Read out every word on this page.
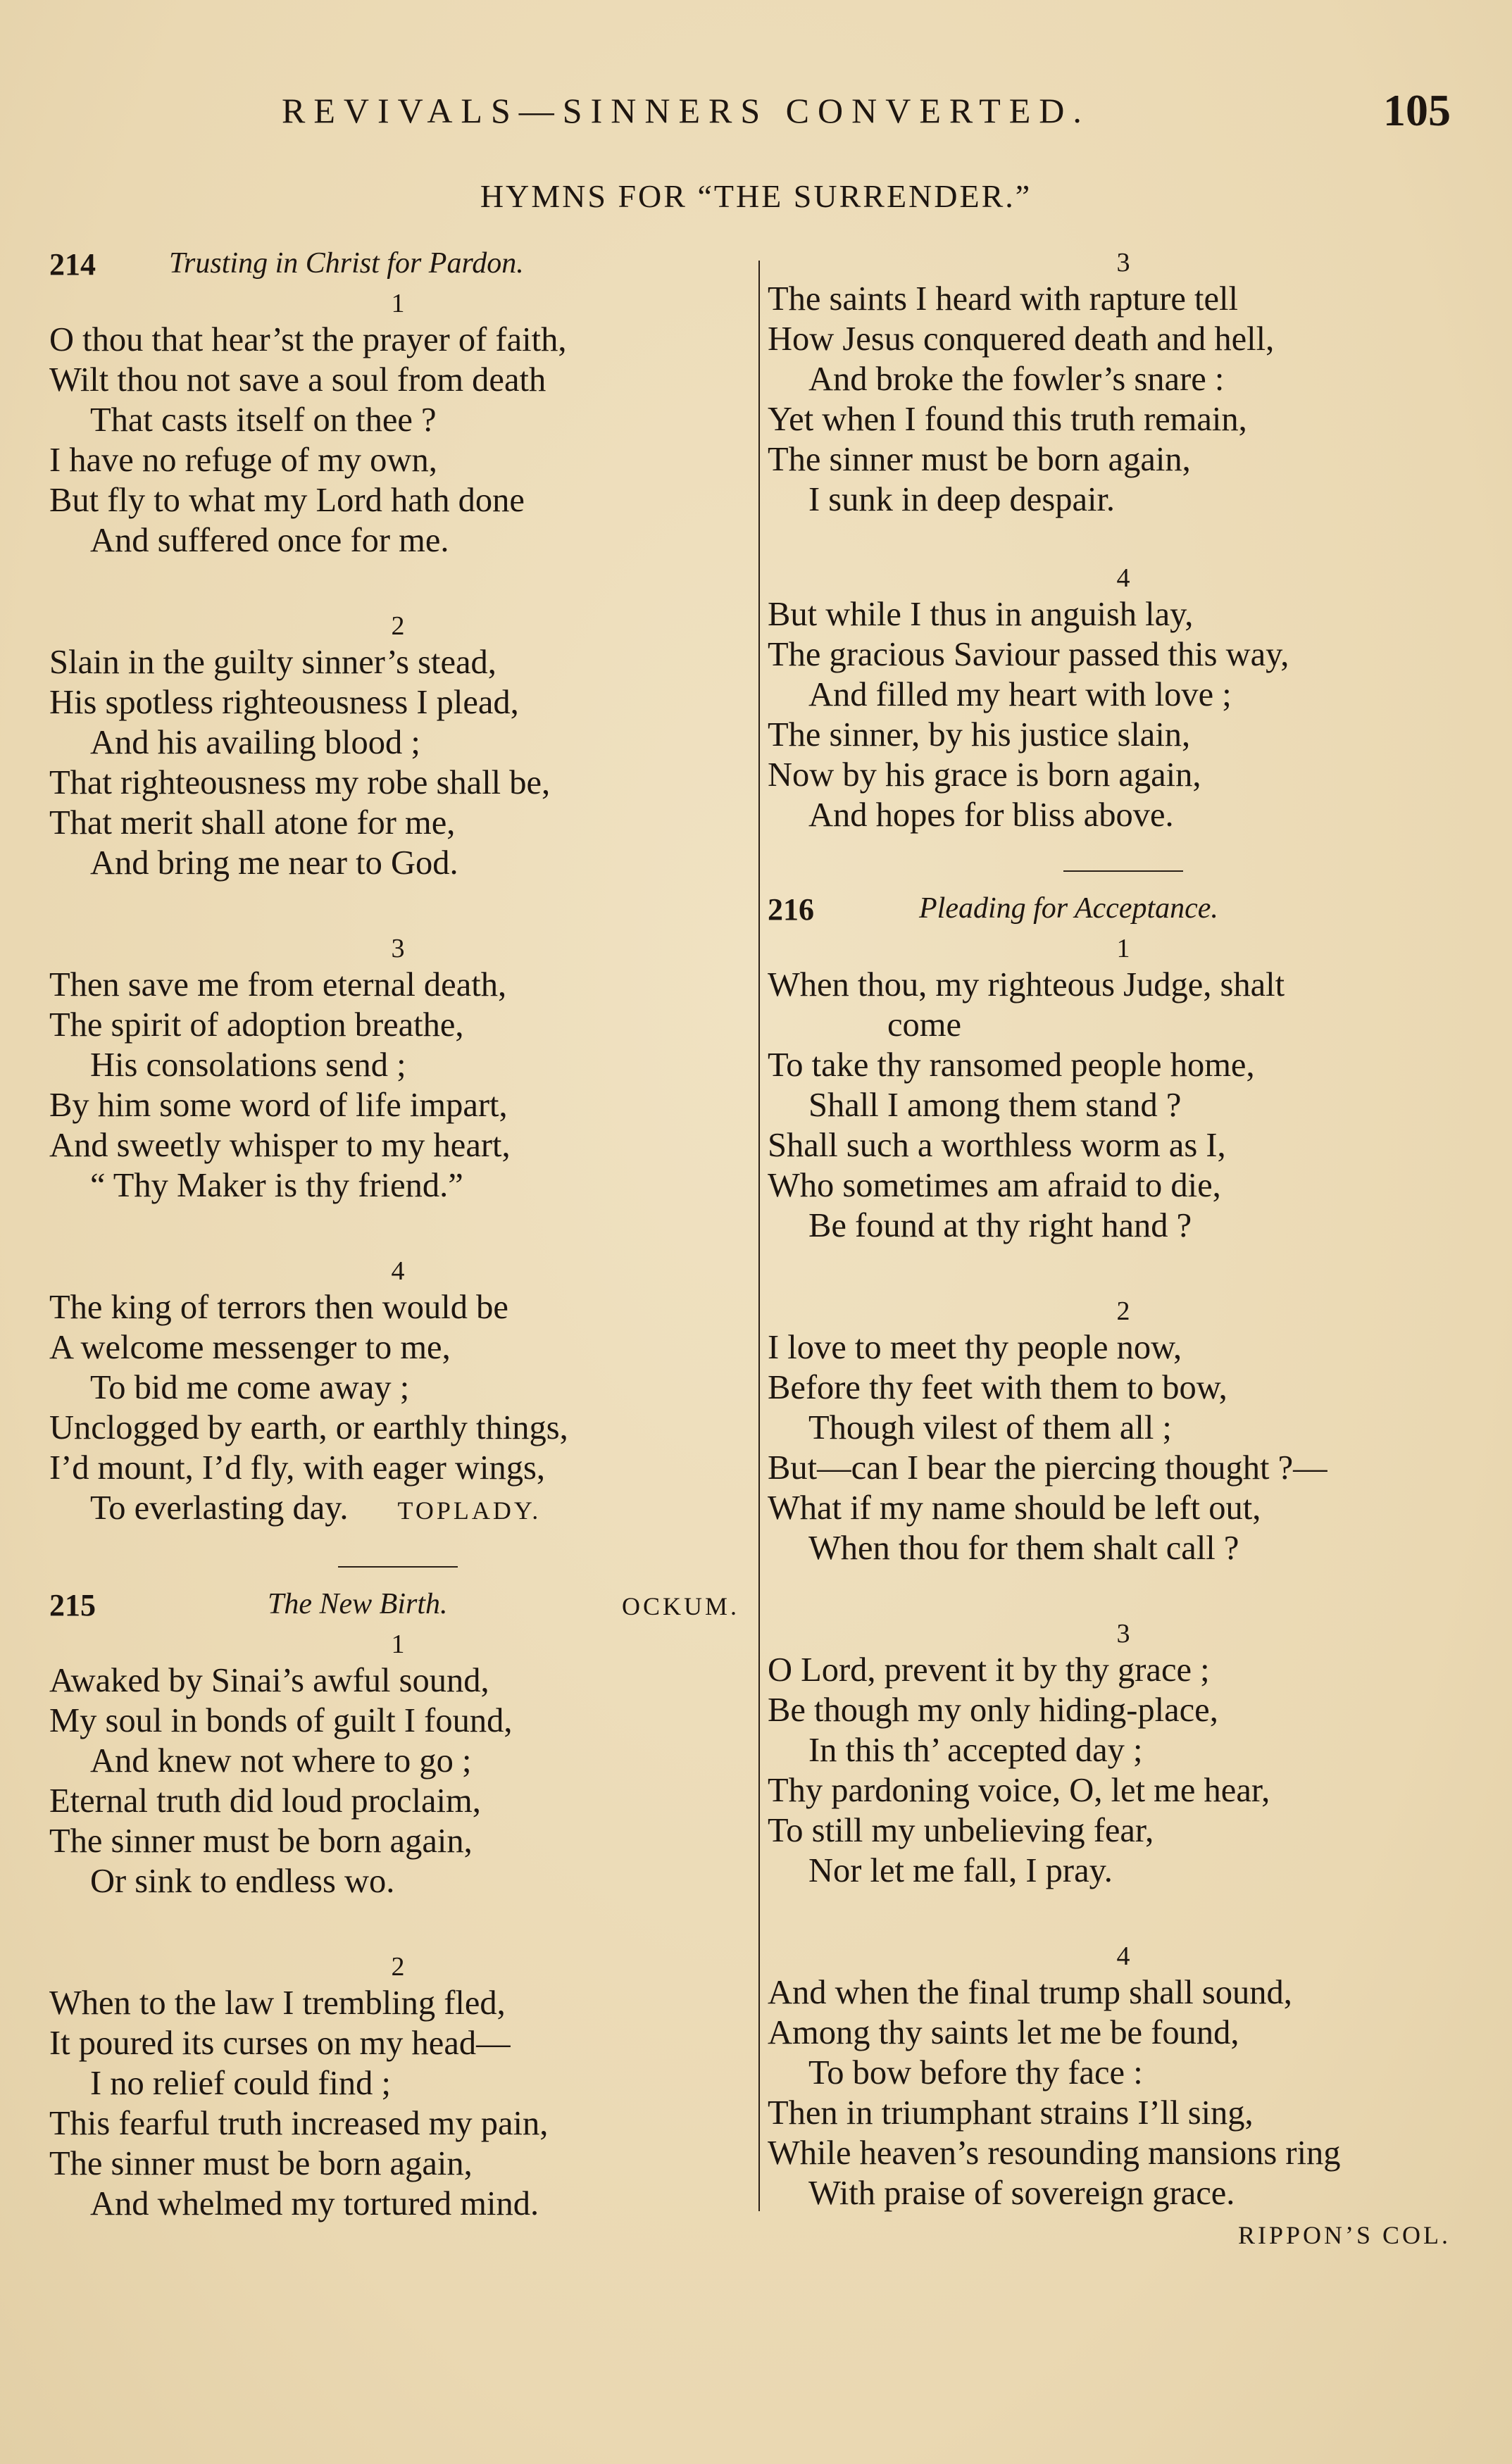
REVIVALS—SINNERS CONVERTED.	105
HYMNS FOR “THE SURRENDER.”
214 Trusting in Christ for Pardon.
1
O thou that hear’st the prayer of faith,
Wilt thou not save a soul from death
That casts itself on thee ?
I have no refuge of my own,
But fly to what my Lord hath done
And suffered once for me.
2
Slain in the guilty sinner’s stead,
His spotless righteousness I plead,
And his availing blood ;
That righteousness my robe shall be,
That merit shall atone for me,
And bring me near to God.
3
Then save me from eternal death,
The spirit of adoption breathe,
His consolations send ;
By him some word of life impart,
And sweetly whisper to my heart,
“ Thy Maker is thy friend.”
4
The king of terrors then would be
A welcome messenger to me,
To bid me come away ;
Unclogged by earth, or earthly things,
I’d mount, I’d fly, with eager wings,
To everlasting day. TOPLADY.
215	The New Birth.	OCKUM.
1
Awaked by Sinai’s awful sound,
My soul in bonds of guilt I found,
And knew not where to go ;
Eternal truth did loud proclaim,
The sinner must be born again,
Or sink to endless wo.
2
When to the law I trembling fled,
It poured its curses on my head—
I no relief could find ;
This fearful truth increased my pain,
The sinner must be born again,
And whelmed my tortured mind.
3
The saints I heard with rapture tell
How Jesus conquered death and hell,
And broke the fowler’s snare :
Yet when I found this truth remain,
The sinner must be born again,
I sunk in deep despair.
4
But while I thus in anguish lay,
The gracious Saviour passed this way,
And filled my heart with love ;
The sinner, by his justice slain,
Now by his grace is born again,
And hopes for bliss above.
216	Pleading for Acceptance.
1
When thou, my righteous Judge, shalt
come
To take thy ransomed people home,
Shall I among them stand ?
Shall such a worthless worm as I,
Who sometimes am afraid to die,
Be found at thy right hand ?
2
I love to meet thy people now,
Before thy feet with them to bow,
Though vilest of them all ;
But—can I bear the piercing thought ?—
What if my name should be left out,
When thou for them shalt call ?
3
O Lord, prevent it by thy grace ;
Be though my only hiding-place,
In this th’ accepted day ;
Thy pardoning voice, O, let me hear,
To still my unbelieving fear,
Nor let me fall, I pray.
4
And when the final trump shall sound,
Among thy saints let me be found,
To bow before thy face :
Then in triumphant strains I’ll sing,
While heaven’s resounding mansions ring
With praise of sovereign grace.
RIPPON’S COL.
